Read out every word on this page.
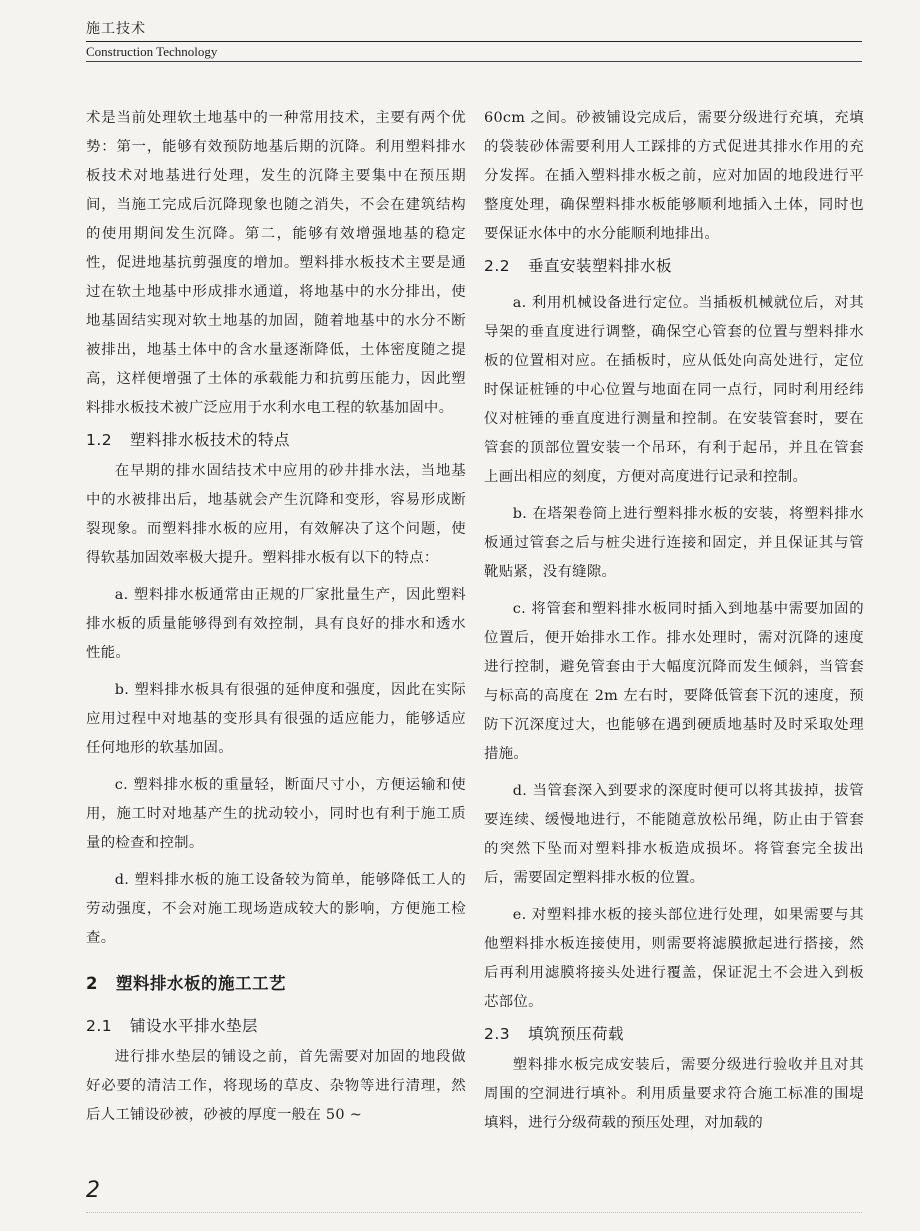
施工技术
Construction Technology

术是当前处理软土地基中的一种常用技术，主要有两个优势：第一，能够有效预防地基后期的沉降。利用塑料排水板技术对地基进行处理，发生的沉降主要集中在预压期间，当施工完成后沉降现象也随之消失，不会在建筑结构的使用期间发生沉降。第二，能够有效增强地基的稳定性，促进地基抗剪强度的增加。塑料排水板技术主要是通过在软土地基中形成排水通道，将地基中的水分排出，使地基固结实现对软土地基的加固，随着地基中的水分不断被排出，地基土体中的含水量逐渐降低，土体密度随之提高，这样便增强了土体的承载能力和抗剪压能力，因此塑料排水板技术被广泛应用于水利水电工程的软基加固中。

1.2 塑料排水板技术的特点

在早期的排水固结技术中应用的砂井排水法，当地基中的水被排出后，地基就会产生沉降和变形，容易形成断裂现象。而塑料排水板的应用，有效解决了这个问题，使得软基加固效率极大提升。塑料排水板有以下的特点：

a. 塑料排水板通常由正规的厂家批量生产，因此塑料排水板的质量能够得到有效控制，具有良好的排水和透水性能。

b. 塑料排水板具有很强的延伸度和强度，因此在实际应用过程中对地基的变形具有很强的适应能力，能够适应任何地形的软基加固。

c. 塑料排水板的重量轻，断面尺寸小，方便运输和使用，施工时对地基产生的扰动较小，同时也有利于施工质量的检查和控制。

d. 塑料排水板的施工设备较为简单，能够降低工人的劳动强度，不会对施工现场造成较大的影响，方便施工检查。

2 塑料排水板的施工工艺
2.1 铺设水平排水垫层

进行排水垫层的铺设之前，首先需要对加固的地段做好必要的清洁工作，将现场的草皮、杂物等进行清理，然后人工铺设砂被，砂被的厚度一般在 50 ~

60cm 之间。砂被铺设完成后，需要分级进行充填，充填的袋装砂体需要利用人工踩排的方式促进其排水作用的充分发挥。在插入塑料排水板之前，应对加固的地段进行平整度处理，确保塑料排水板能够顺利地插入土体，同时也要保证水体中的水分能顺利地排出。

2.2 垂直安装塑料排水板

a. 利用机械设备进行定位。当插板机械就位后，对其导架的垂直度进行调整，确保空心管套的位置与塑料排水板的位置相对应。在插板时，应从低处向高处进行，定位时保证桩锤的中心位置与地面在同一点行，同时利用经纬仪对桩锤的垂直度进行测量和控制。在安装管套时，要在管套的顶部位置安装一个吊环，有利于起吊，并且在管套上画出相应的刻度，方便对高度进行记录和控制。

b. 在塔架卷筒上进行塑料排水板的安装，将塑料排水板通过管套之后与桩尖进行连接和固定，并且保证其与管靴贴紧，没有缝隙。

c. 将管套和塑料排水板同时插入到地基中需要加固的位置后，便开始排水工作。排水处理时，需对沉降的速度进行控制，避免管套由于大幅度沉降而发生倾斜，当管套与标高的高度在 2m 左右时，要降低管套下沉的速度，预防下沉深度过大，也能够在遇到硬质地基时及时采取处理措施。

d. 当管套深入到要求的深度时便可以将其拔掉，拔管要连续、缓慢地进行，不能随意放松吊绳，防止由于管套的突然下坠而对塑料排水板造成损坏。将管套完全拔出后，需要固定塑料排水板的位置。

e. 对塑料排水板的接头部位进行处理，如果需要与其他塑料排水板连接使用，则需要将滤膜掀起进行搭接，然后再利用滤膜将接头处进行覆盖，保证泥土不会进入到板芯部位。

2.3 填筑预压荷载

塑料排水板完成安装后，需要分级进行验收并且对其周围的空洞进行填补。利用质量要求符合施工标准的围堤填料，进行分级荷载的预压处理，对加载的

2
